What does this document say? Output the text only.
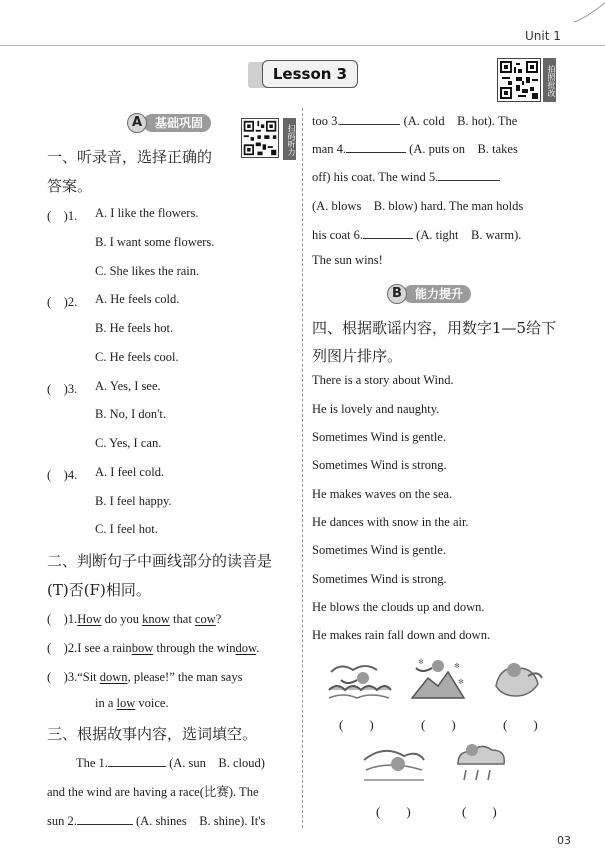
Unit 1
Lesson 3	拍照批改
基础巩固
A
扫码听力
一、听录音，选择正确的
答案。
(　)1. A. I like the flowers.
B. I want some flowers.
C. She likes the rain.
(　)2. A. He feels cold.
B. He feels hot.
C. He feels cool.
(　)3. A. Yes, I see.
B. No, I don't.
C. Yes, I can.
(　)4. A. I feel cold.
B. I feel happy.
C. I feel hot.
二、判断句子中画线部分的读音是
(T)否(F)相同。
(　)1.How do you know that cow?
(　)2.I see a rainbow through the window.
(　)3.“Sit down, please!” the man says
in a low voice.
三、根据故事内容，选词填空。
The 1.	(A. sun　B. cloud)
and the wind are having a race(比赛). The
sun 2.	(A. shines　B. shine). It's
too 3.	(A. cold　B. hot). The
man 4.	(A. puts on　B. takes
off) his coat. The wind 5.
(A. blows　B. blow) hard. The man holds
his coat 6.	(A. tight　B. warm).
The sun wins!
能力提升
B
四、根据歌谣内容，用数字1—5给下
列图片排序。
There is a story about Wind.
He is lovely and naughty.
Sometimes Wind is gentle.
Sometimes Wind is strong.
He makes waves on the sea.
He dances with snow in the air.
Sometimes Wind is gentle.
Sometimes Wind is strong.
He blows the clouds up and down.
He makes rain fall down and down.
✻	✻
✻
(　　)	(　　)	(　　)
(　　)	(　　)
03
